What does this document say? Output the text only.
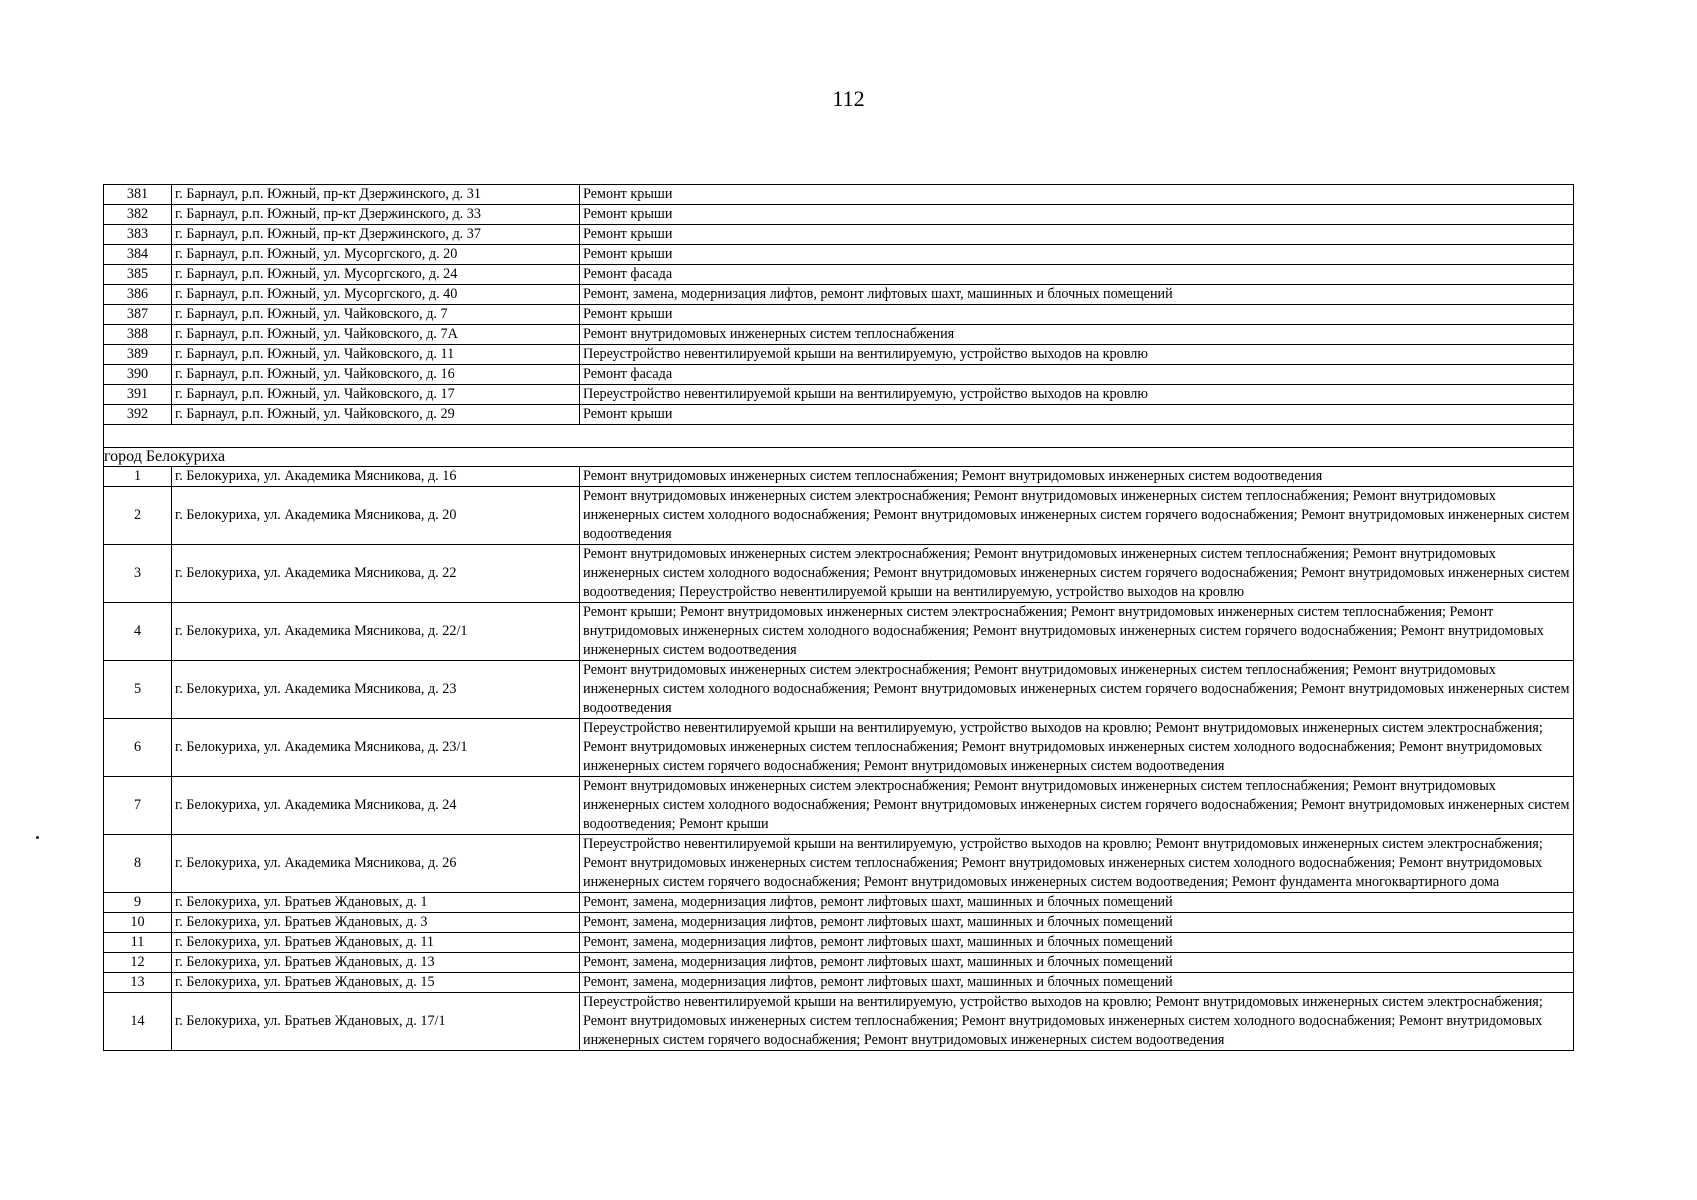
112
381	г. Барнаул, р.п. Южный, пр-кт Дзержинского, д. 31	Ремонт крыши
382	г. Барнаул, р.п. Южный, пр-кт Дзержинского, д. 33	Ремонт крыши
383	г. Барнаул, р.п. Южный, пр-кт Дзержинского, д. 37	Ремонт крыши
384	г. Барнаул, р.п. Южный, ул. Мусоргского, д. 20	Ремонт крыши
385	г. Барнаул, р.п. Южный, ул. Мусоргского, д. 24	Ремонт фасада
386	г. Барнаул, р.п. Южный, ул. Мусоргского, д. 40	Ремонт, замена, модернизация лифтов, ремонт лифтовых шахт, машинных и блочных помещений
387	г. Барнаул, р.п. Южный, ул. Чайковского, д. 7	Ремонт крыши
388	г. Барнаул, р.п. Южный, ул. Чайковского, д. 7А	Ремонт внутридомовых инженерных систем теплоснабжения
389	г. Барнаул, р.п. Южный, ул. Чайковского, д. 11	Переустройство невентилируемой крыши на вентилируемую, устройство выходов на кровлю
390	г. Барнаул, р.п. Южный, ул. Чайковского, д. 16	Ремонт фасада
391	г. Барнаул, р.п. Южный, ул. Чайковского, д. 17	Переустройство невентилируемой крыши на вентилируемую, устройство выходов на кровлю
392	г. Барнаул, р.п. Южный, ул. Чайковского, д. 29	Ремонт крыши

город Белокуриха		
1	г. Белокуриха, ул. Академика Мясникова, д. 16	Ремонт внутридомовых инженерных систем теплоснабжения; Ремонт внутридомовых инженерных систем водоотведения
2	г. Белокуриха, ул. Академика Мясникова, д. 20	Ремонт внутридомовых инженерных систем электроснабжения; Ремонт внутридомовых инженерных систем теплоснабжения; Ремонт внутридомовых инженерных систем холодного водоснабжения; Ремонт внутридомовых инженерных систем горячего водоснабжения; Ремонт внутридомовых инженерных систем водоотведения
3	г. Белокуриха, ул. Академика Мясникова, д. 22	Ремонт внутридомовых инженерных систем электроснабжения; Ремонт внутридомовых инженерных систем теплоснабжения; Ремонт внутридомовых инженерных систем холодного водоснабжения; Ремонт внутридомовых инженерных систем горячего водоснабжения; Ремонт внутридомовых инженерных систем водоотведения; Переустройство невентилируемой крыши на вентилируемую, устройство выходов на кровлю
4	г. Белокуриха, ул. Академика Мясникова, д. 22/1	Ремонт крыши; Ремонт внутридомовых инженерных систем электроснабжения; Ремонт внутридомовых инженерных систем теплоснабжения; Ремонт внутридомовых инженерных систем холодного водоснабжения; Ремонт внутридомовых инженерных систем горячего водоснабжения; Ремонт внутридомовых инженерных систем водоотведения
5	г. Белокуриха, ул. Академика Мясникова, д. 23	Ремонт внутридомовых инженерных систем электроснабжения; Ремонт внутридомовых инженерных систем теплоснабжения; Ремонт внутридомовых инженерных систем холодного водоснабжения; Ремонт внутридомовых инженерных систем горячего водоснабжения; Ремонт внутридомовых инженерных систем водоотведения
6	г. Белокуриха, ул. Академика Мясникова, д. 23/1	Переустройство невентилируемой крыши на вентилируемую, устройство выходов на кровлю; Ремонт внутридомовых инженерных систем электроснабжения; Ремонт внутридомовых инженерных систем теплоснабжения; Ремонт внутридомовых инженерных систем холодного водоснабжения; Ремонт внутридомовых инженерных систем горячего водоснабжения; Ремонт внутридомовых инженерных систем водоотведения
7	г. Белокуриха, ул. Академика Мясникова, д. 24	Ремонт внутридомовых инженерных систем электроснабжения; Ремонт внутридомовых инженерных систем теплоснабжения; Ремонт внутридомовых инженерных систем холодного водоснабжения; Ремонт внутридомовых инженерных систем горячего водоснабжения; Ремонт внутридомовых инженерных систем водоотведения; Ремонт крыши
8	г. Белокуриха, ул. Академика Мясникова, д. 26	Переустройство невентилируемой крыши на вентилируемую, устройство выходов на кровлю; Ремонт внутридомовых инженерных систем электроснабжения; Ремонт внутридомовых инженерных систем теплоснабжения; Ремонт внутридомовых инженерных систем холодного водоснабжения; Ремонт внутридомовых инженерных систем горячего водоснабжения; Ремонт внутридомовых инженерных систем водоотведения; Ремонт фундамента многоквартирного дома
9	г. Белокуриха, ул. Братьев Ждановых, д. 1	Ремонт, замена, модернизация лифтов, ремонт лифтовых шахт, машинных и блочных помещений
10	г. Белокуриха, ул. Братьев Ждановых, д. 3	Ремонт, замена, модернизация лифтов, ремонт лифтовых шахт, машинных и блочных помещений
11	г. Белокуриха, ул. Братьев Ждановых, д. 11	Ремонт, замена, модернизация лифтов, ремонт лифтовых шахт, машинных и блочных помещений
12	г. Белокуриха, ул. Братьев Ждановых, д. 13	Ремонт, замена, модернизация лифтов, ремонт лифтовых шахт, машинных и блочных помещений
13	г. Белокуриха, ул. Братьев Ждановых, д. 15	Ремонт, замена, модернизация лифтов, ремонт лифтовых шахт, машинных и блочных помещений
14	г. Белокуриха, ул. Братьев Ждановых, д. 17/1	Переустройство невентилируемой крыши на вентилируемую, устройство выходов на кровлю; Ремонт внутридомовых инженерных систем электроснабжения; Ремонт внутридомовых инженерных систем теплоснабжения; Ремонт внутридомовых инженерных систем холодного водоснабжения; Ремонт внутридомовых инженерных систем горячего водоснабжения; Ремонт внутридомовых инженерных систем водоотведения
